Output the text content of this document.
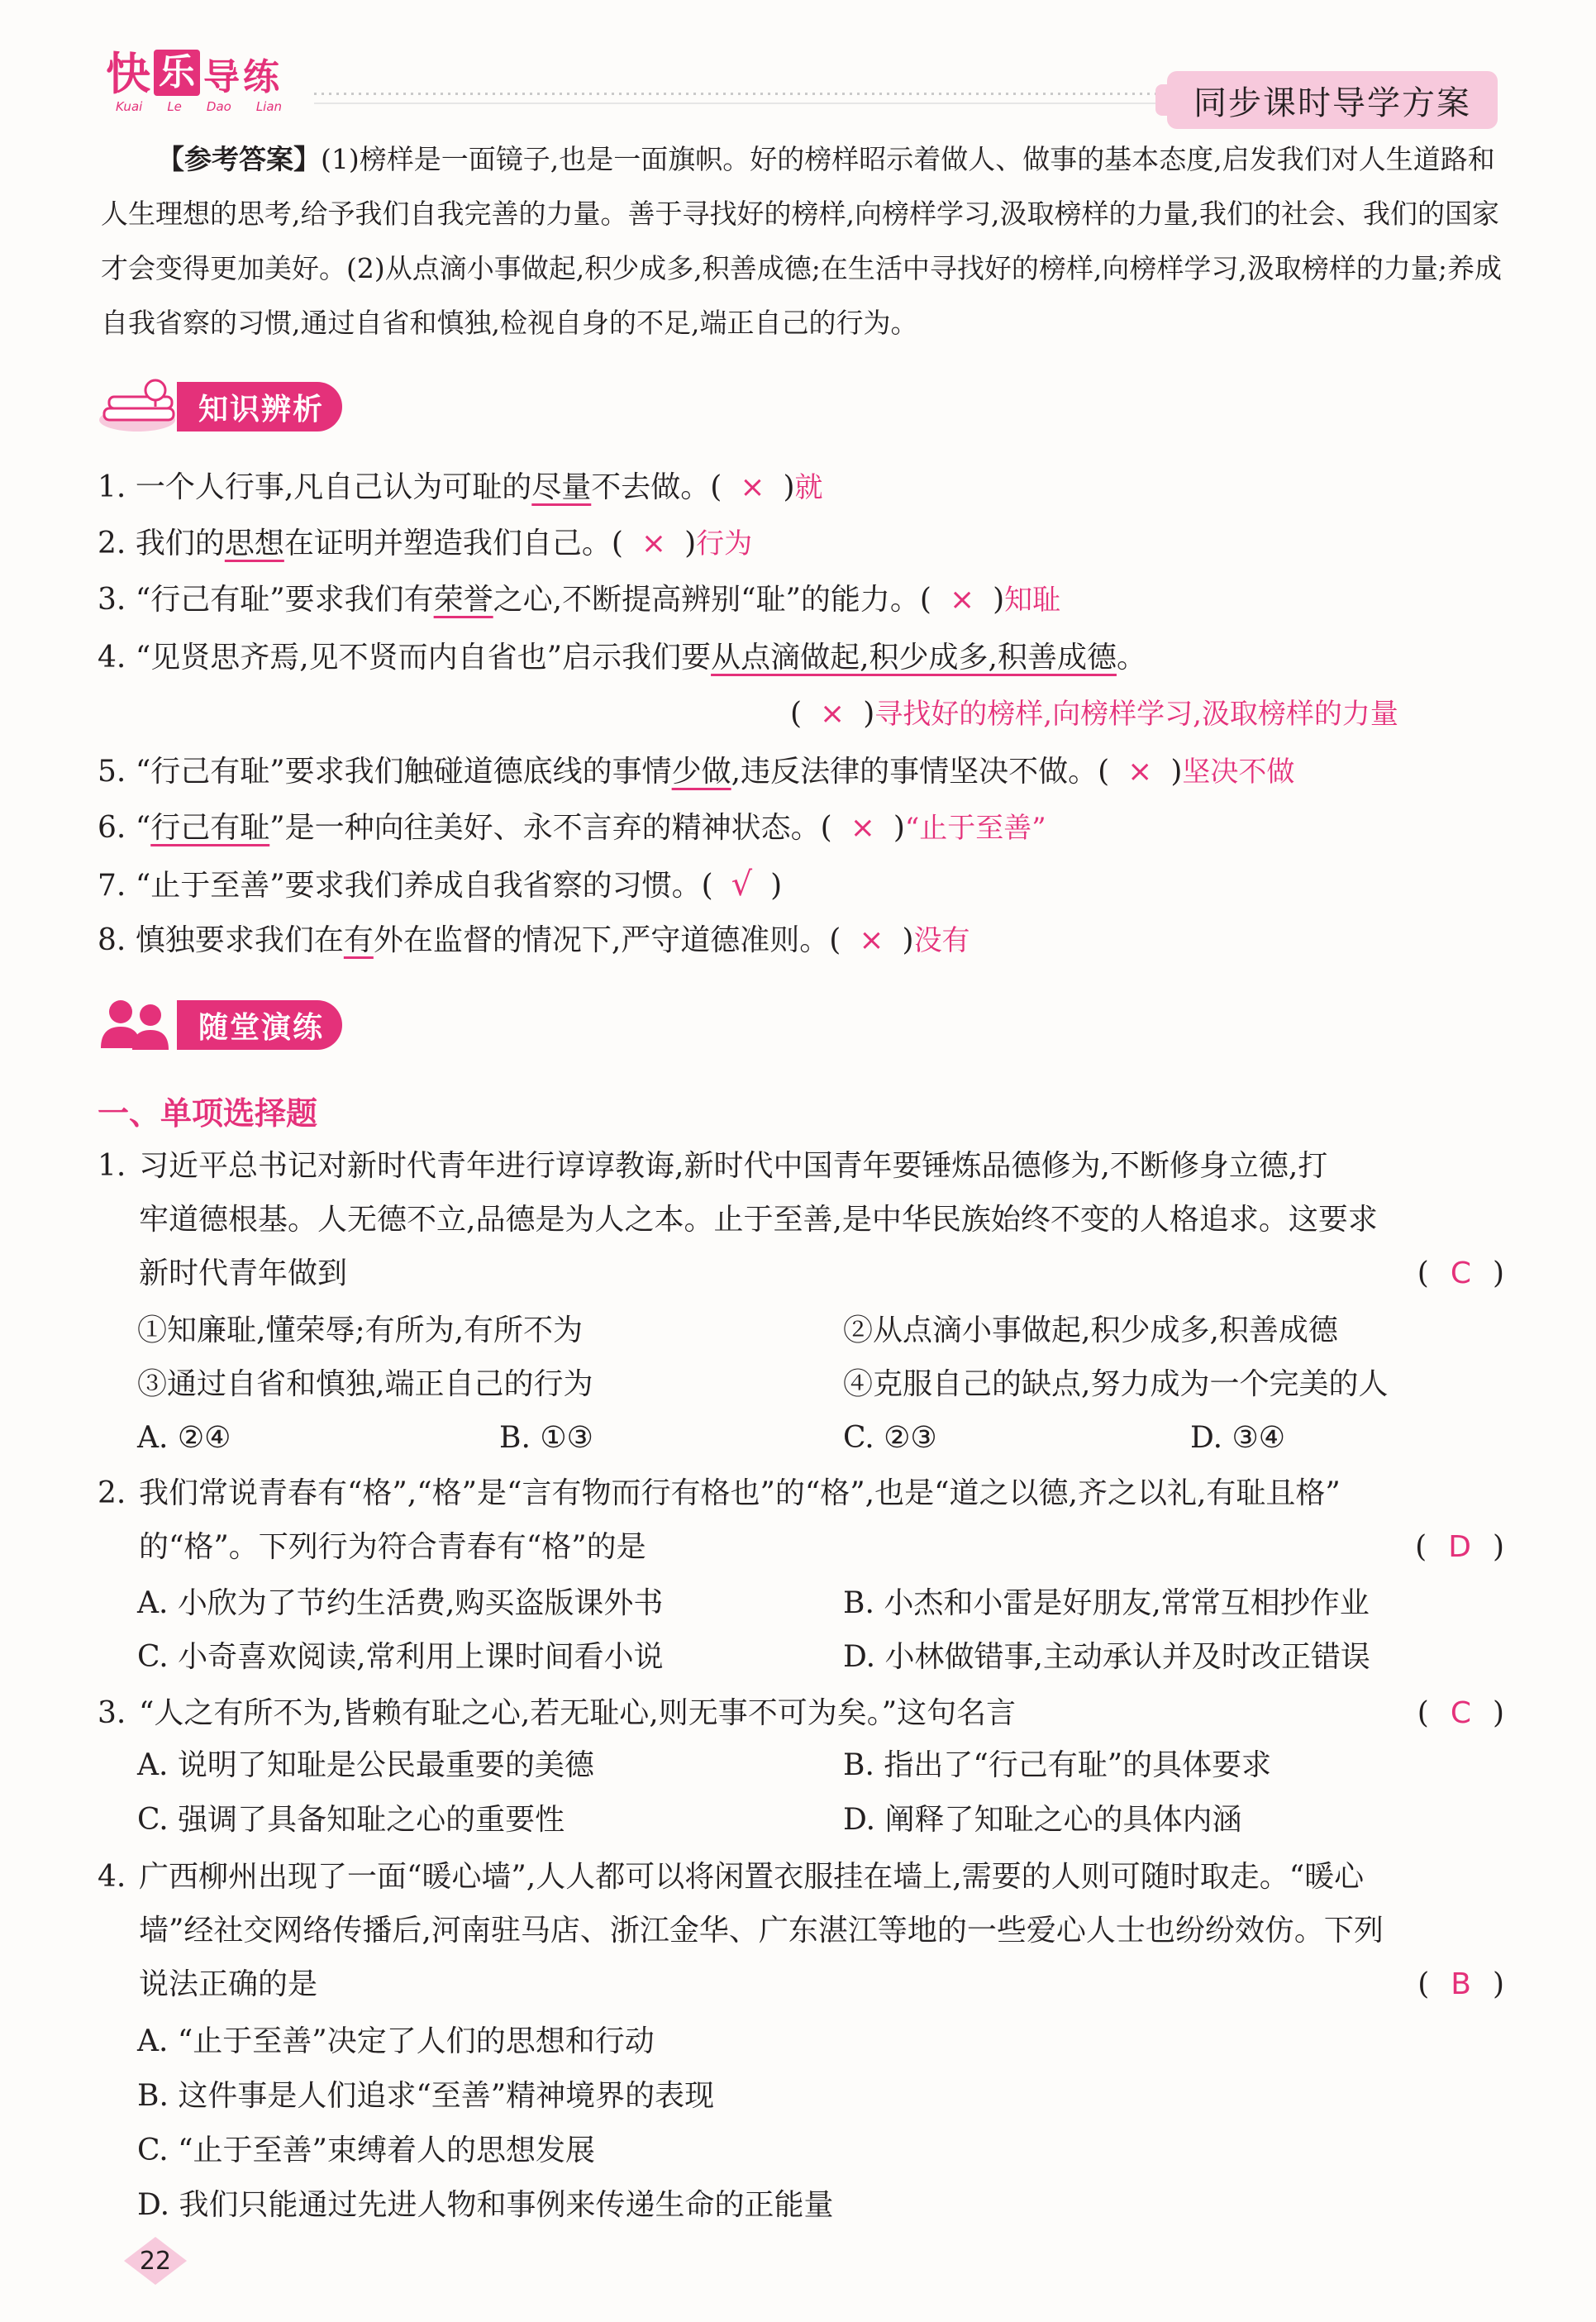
快 乐 导 练
Kuai Le Dao Lian	同步课时导学方案
【参考答案】(1)榜样是一面镜子,也是一面旗帜。好的榜样昭示着做人、做事的基本态度,启发我们对人生道路和人生理想的思考,给予我们自我完善的力量。善于寻找好的榜样,向榜样学习,汲取榜样的力量,我们的社会、我们的国家才会变得更加美好。(2)从点滴小事做起,积少成多,积善成德;在生活中寻找好的榜样,向榜样学习,汲取榜样的力量;养成自我省察的习惯,通过自省和慎独,检视自身的不足,端正自己的行为。
知识辨析
1. 一个人行事,凡自己认为可耻的尽量不去做。( × )就
2. 我们的思想在证明并塑造我们自己。( × )行为
3. “行己有耻”要求我们有荣誉之心,不断提高辨别“耻”的能力。( × )知耻
4. “见贤思齐焉,见不贤而内自省也”启示我们要从点滴做起,积少成多,积善成德。
( × )寻找好的榜样,向榜样学习,汲取榜样的力量
5. “行己有耻”要求我们触碰道德底线的事情少做,违反法律的事情坚决不做。( × )坚决不做
6. “行己有耻”是一种向往美好、永不言弃的精神状态。( × )“止于至善”
7. “止于至善”要求我们养成自我省察的习惯。( √ )
8. 慎独要求我们在有外在监督的情况下,严守道德准则。( × )没有
随堂演练
一、单项选择题
1. 习近平总书记对新时代青年进行谆谆教诲,新时代中国青年要锤炼品德修为,不断修身立德,打
牢道德根基。人无德不立,品德是为人之本。止于至善,是中华民族始终不变的人格追求。这要求
新时代青年做到	( C )
①知廉耻,懂荣辱;有所为,有所不为	②从点滴小事做起,积少成多,积善成德
③通过自省和慎独,端正自己的行为	④克服自己的缺点,努力成为一个完美的人
A. ②④	B. ①③	C. ②③	D. ③④
2. 我们常说青春有“格”,“格”是“言有物而行有格也”的“格”,也是“道之以德,齐之以礼,有耻且格”
的“格”。下列行为符合青春有“格”的是	( D )
A. 小欣为了节约生活费,购买盗版课外书	B. 小杰和小雷是好朋友,常常互相抄作业
C. 小奇喜欢阅读,常利用上课时间看小说	D. 小林做错事,主动承认并及时改正错误
3. “人之有所不为,皆赖有耻之心,若无耻心,则无事不可为矣。”这句名言	( C )
A. 说明了知耻是公民最重要的美德	B. 指出了“行己有耻”的具体要求
C. 强调了具备知耻之心的重要性	D. 阐释了知耻之心的具体内涵
4. 广西柳州出现了一面“暖心墙”,人人都可以将闲置衣服挂在墙上,需要的人则可随时取走。“暖心
墙”经社交网络传播后,河南驻马店、浙江金华、广东湛江等地的一些爱心人士也纷纷效仿。下列
说法正确的是	( B )
A. “止于至善”决定了人们的思想和行动
B. 这件事是人们追求“至善”精神境界的表现
C. “止于至善”束缚着人的思想发展
D. 我们只能通过先进人物和事例来传递生命的正能量
22
